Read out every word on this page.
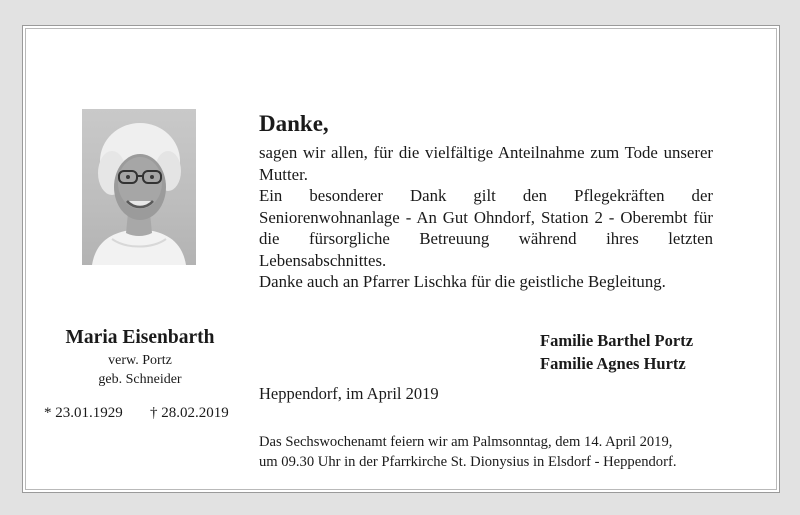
Maria Eisenbarth
verw. Portz
geb. Schneider
* 23.01.1929 † 28.02.2019
Danke,
sagen wir allen, für die vielfältige Anteilnahme zum Tode unserer Mutter.
Ein besonderer Dank gilt den Pflegekräften der Seniorenwohnanlage - An Gut Ohndorf, Station 2 - Oberembt für die fürsorgliche Betreuung während ihres letzten Lebensabschnittes.
Danke auch an Pfarrer Lischka für die geistliche Begleitung.
Familie Barthel Portz
Familie Agnes Hurtz
Heppendorf, im April 2019
Das Sechswochenamt feiern wir am Palmsonntag, dem 14. April 2019,
um 09.30 Uhr in der Pfarrkirche St. Dionysius in Elsdorf - Heppendorf.
